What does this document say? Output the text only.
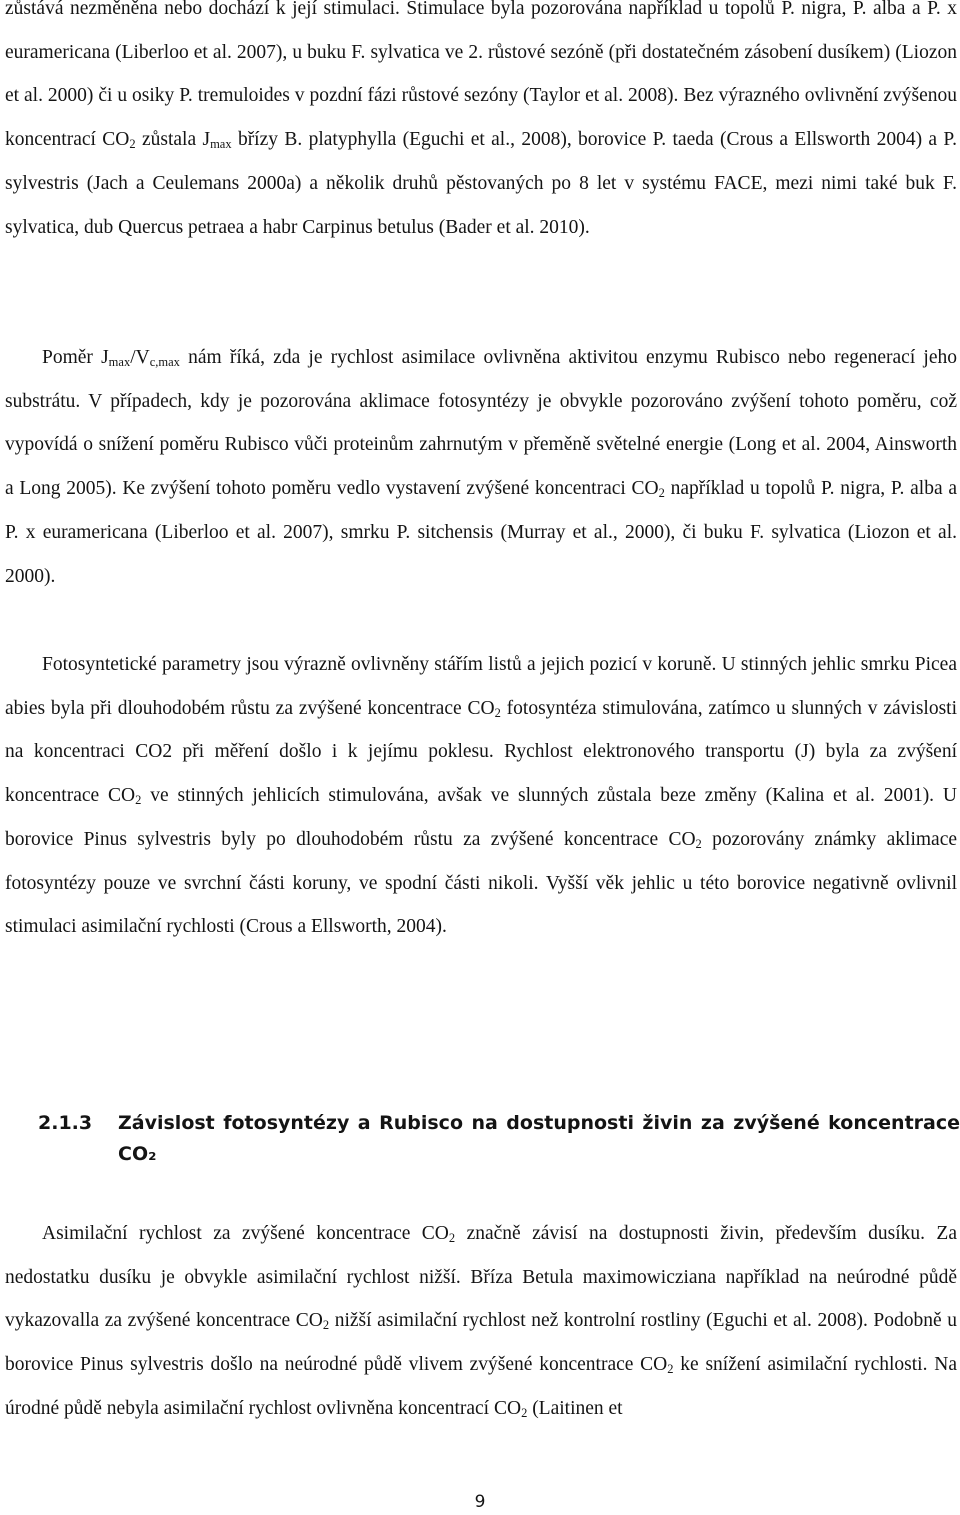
zůstává nezměněna nebo dochází k její stimulaci. Stimulace byla pozorována například u topolů P. nigra, P. alba a P. x euramericana (Liberloo et al. 2007), u buku F. sylvatica ve 2. růstové sezóně (při dostatečném zásobení dusíkem) (Liozon et al. 2000) či u osiky P. tremuloides v pozdní fázi růstové sezóny (Taylor et al. 2008). Bez výrazného ovlivnění zvýšenou koncentrací $CO_2$ zůstala $J_{max}$ břízy B. platyphylla (Eguchi et al., 2008), borovice P. taeda (Crous a Ellsworth 2004) a P. sylvestris (Jach a Ceulemans 2000a) a několik druhů pěstovaných po 8 let v systému FACE, mezi nimi také buk F. sylvatica, dub Quercus petraea a habr Carpinus betulus (Bader et al. 2010).

Poměr $J_{max}/V_{c,max}$ nám říká, zda je rychlost asimilace ovlivněna aktivitou enzymu Rubisco nebo regenerací jeho substrátu. V případech, kdy je pozorována aklimace fotosyntézy je obvykle pozorováno zvýšení tohoto poměru, což vypovídá o snížení poměru Rubisco vůči proteinům zahrnutým v přeměně světelné energie (Long et al. 2004, Ainsworth a Long 2005). Ke zvýšení tohoto poměru vedlo vystavení zvýšené koncentraci $CO_2$ například u topolů P. nigra, P. alba a P. x euramericana (Liberloo et al. 2007), smrku P. sitchensis (Murray et al., 2000), či buku F. sylvatica (Liozon et al. 2000).

Fotosyntetické parametry jsou výrazně ovlivněny stářím listů a jejich pozicí v koruně. U stinných jehlic smrku Picea abies byla při dlouhodobém růstu za zvýšené koncentrace $CO_2$ fotosyntéza stimulována, zatímco u slunných v závislosti na koncentraci CO2 při měření došlo i k jejímu poklesu. Rychlost elektronového transportu (J) byla za zvýšení koncentrace $CO_2$ ve stinných jehlicích stimulována, avšak ve slunných zůstala beze změny (Kalina et al. 2001). U borovice Pinus sylvestris byly po dlouhodobém růstu za zvýšené koncentrace $CO_2$ pozorovány známky aklimace fotosyntézy pouze ve svrchní části koruny, ve spodní části nikoli. Vyšší věk jehlic u této borovice negativně ovlivnil stimulaci asimilační rychlosti (Crous a Ellsworth, 2004).

2.1.3	Závislost fotosyntézy a Rubisco na dostupnosti živin za zvýšené koncentrace CO₂

Asimilační rychlost za zvýšené koncentrace $CO_2$ značně závisí na dostupnosti živin, především dusíku. Za nedostatku dusíku je obvykle asimilační rychlost nižší. Bříza Betula maximowicziana například na neúrodné půdě vykazovalla za zvýšené koncentrace $CO_2$ nižší asimilační rychlost než kontrolní rostliny (Eguchi et al. 2008). Podobně u borovice Pinus sylvestris došlo na neúrodné půdě vlivem zvýšené koncentrace $CO_2$ ke snížení asimilační rychlosti. Na úrodné půdě nebyla asimilační rychlost ovlivněna koncentrací $CO_2$ (Laitinen et

9
